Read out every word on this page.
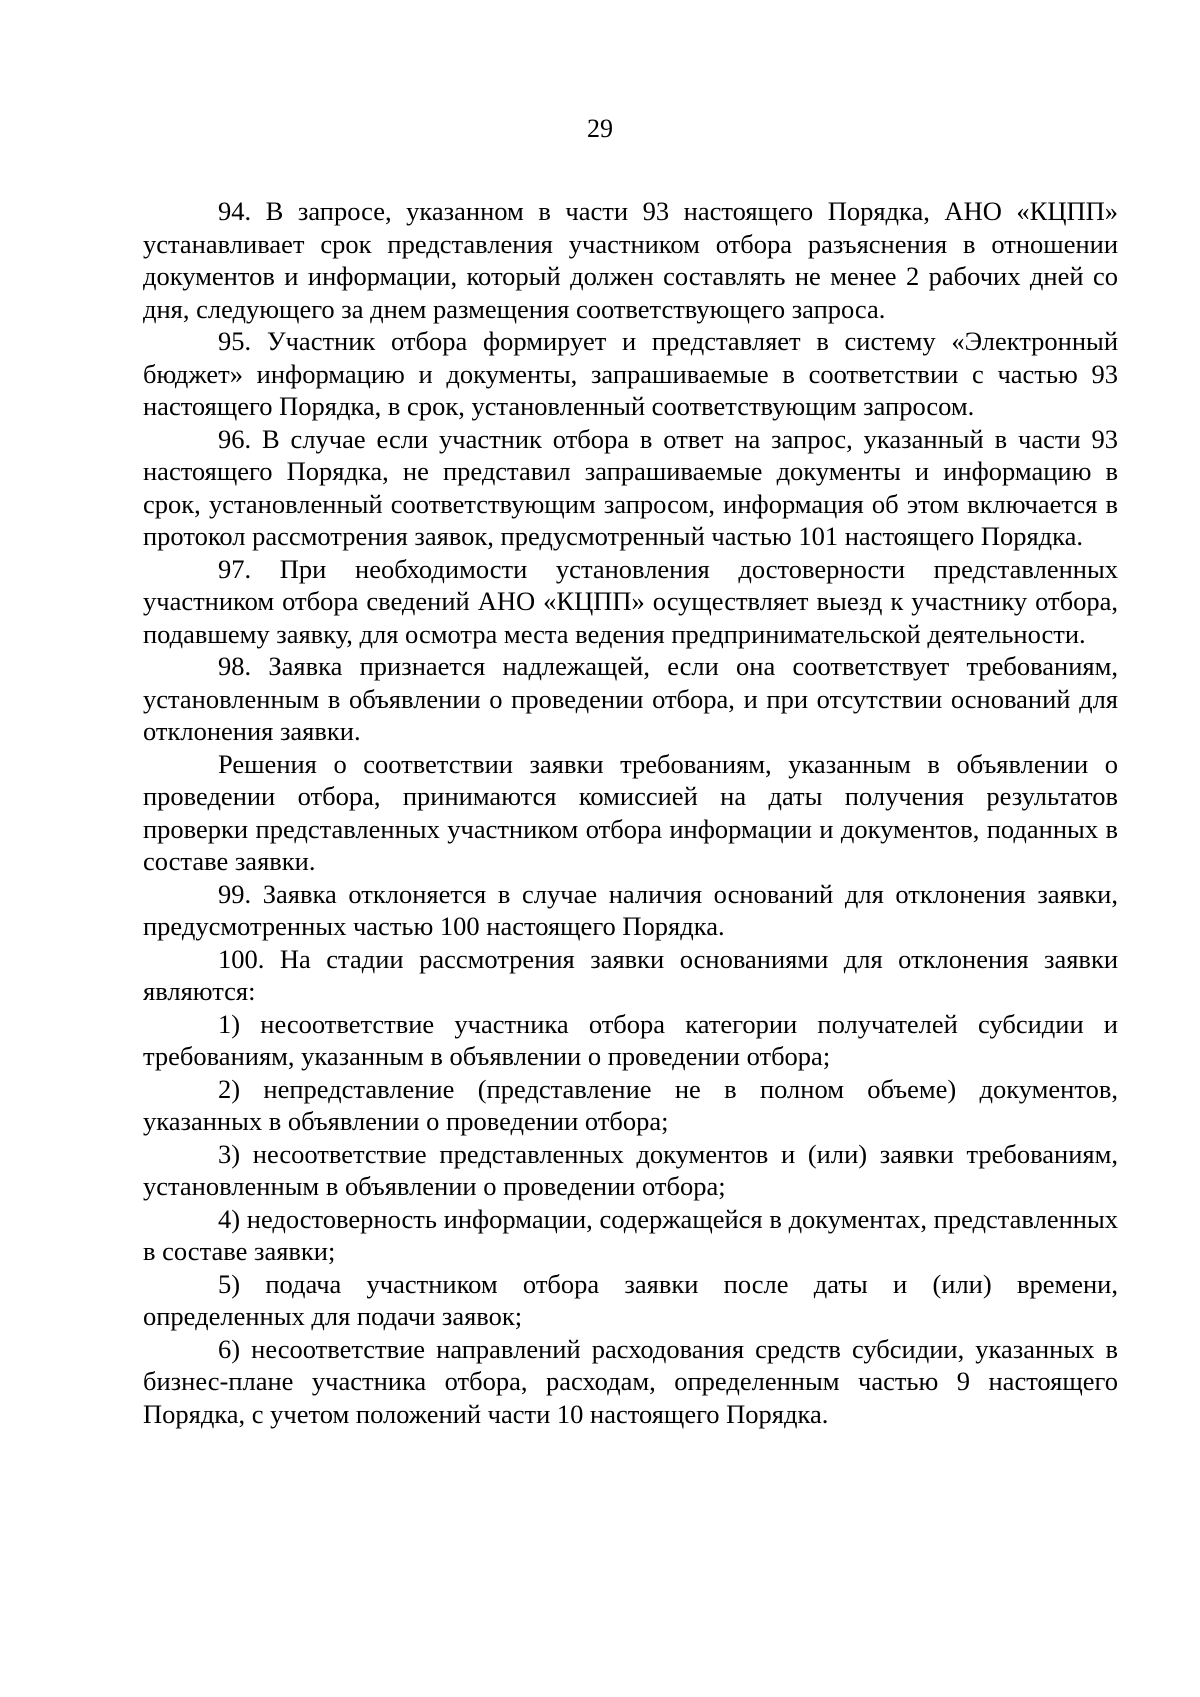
29

94. В запросе, указанном в части 93 настоящего Порядка, АНО «КЦПП» устанавливает срок представления участником отбора разъяснения в отношении документов и информации, который должен составлять не менее 2 рабочих дней со дня, следующего за днем размещения соответствующего запроса.

95. Участник отбора формирует и представляет в систему «Электронный бюджет» информацию и документы, запрашиваемые в соответствии с частью 93 настоящего Порядка, в срок, установленный соответствующим запросом.

96. В случае если участник отбора в ответ на запрос, указанный в части 93 настоящего Порядка, не представил запрашиваемые документы и информацию в срок, установленный соответствующим запросом, информация об этом включается в протокол рассмотрения заявок, предусмотренный частью 101 настоящего Порядка.

97. При необходимости установления достоверности представленных участником отбора сведений АНО «КЦПП» осуществляет выезд к участнику отбора, подавшему заявку, для осмотра места ведения предпринимательской деятельности.

98. Заявка признается надлежащей, если она соответствует требованиям, установленным в объявлении о проведении отбора, и при отсутствии оснований для отклонения заявки.

Решения о соответствии заявки требованиям, указанным в объявлении о проведении отбора, принимаются комиссией на даты получения результатов проверки представленных участником отбора информации и документов, поданных в составе заявки.

99. Заявка отклоняется в случае наличия оснований для отклонения заявки, предусмотренных частью 100 настоящего Порядка.

100. На стадии рассмотрения заявки основаниями для отклонения заявки являются:

1) несоответствие участника отбора категории получателей субсидии и требованиям, указанным в объявлении о проведении отбора;

2) непредставление (представление не в полном объеме) документов, указанных в объявлении о проведении отбора;

3) несоответствие представленных документов и (или) заявки требованиям, установленным в объявлении о проведении отбора;

4) недостоверность информации, содержащейся в документах, представленных в составе заявки;

5) подача участником отбора заявки после даты и (или) времени, определенных для подачи заявок;

6) несоответствие направлений расходования средств субсидии, указанных в бизнес-плане участника отбора, расходам, определенным частью 9 настоящего Порядка, с учетом положений части 10 настоящего Порядка.
